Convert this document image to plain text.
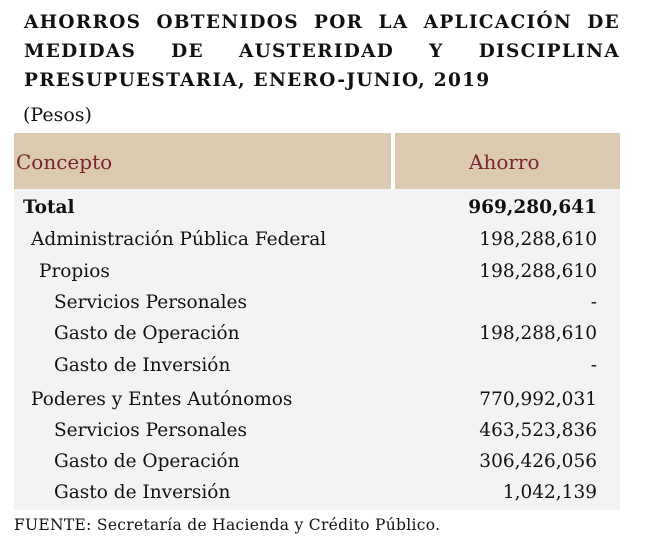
AHORROS OBTENIDOS POR LA APLICACIÓN DE
MEDIDAS DE AUSTERIDAD Y DISCIPLINA
PRESUPUESTARIA, ENERO-JUNIO, 2019
(Pesos)
Concepto	Ahorro
Total	969,280,641
Administración Pública Federal	198,288,610
Propios	198,288,610
Servicios Personales	-
Gasto de Operación	198,288,610
Gasto de Inversión	-
Poderes y Entes Autónomos	770,992,031
Servicios Personales	463,523,836
Gasto de Operación	306,426,056
Gasto de Inversión	1,042,139
FUENTE: Secretaría de Hacienda y Crédito Público.
